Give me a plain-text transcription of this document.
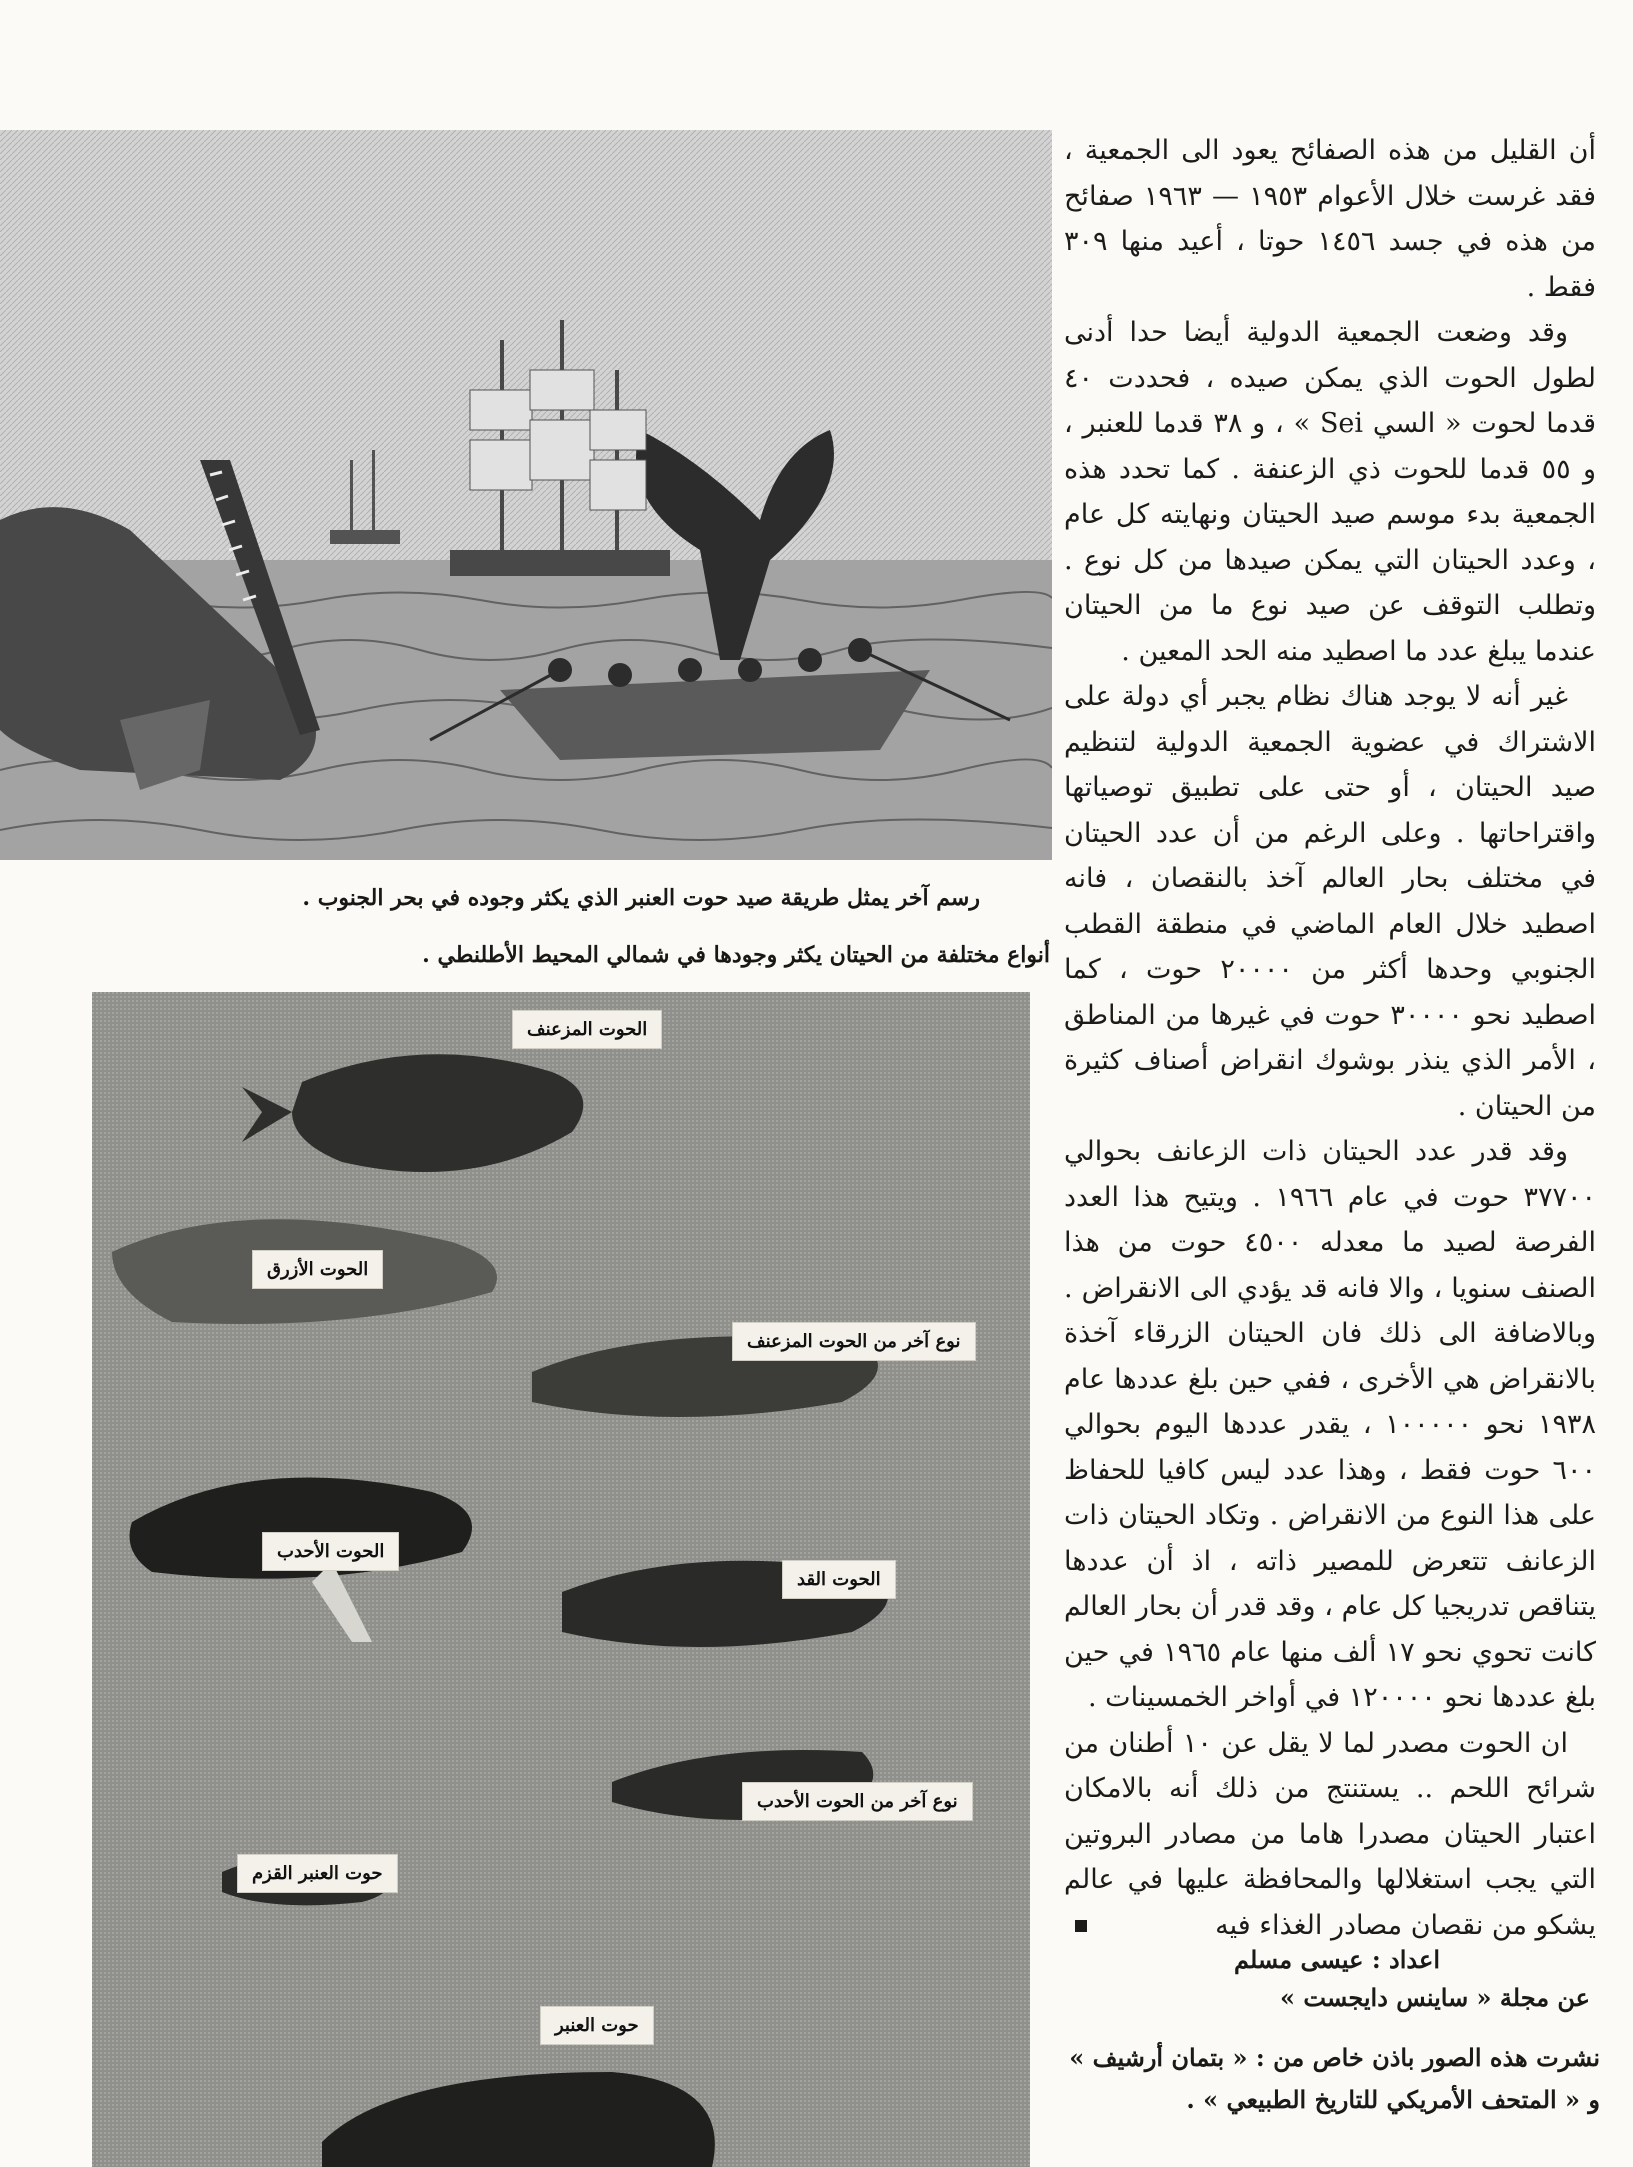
رسم آخر يمثل طريقة صيد حوت العنبر الذي يكثر وجوده في بحر الجنوب .
أنواع مختلفة من الحيتان يكثر وجودها في شمالي المحيط الأطلنطي .
الحوت المزعنف
الحوت الأزرق
نوع آخر من الحوت المزعنف
الحوت الأحدب
الحوت القد
نوع آخر من الحوت الأحدب
حوت العنبر القزم
حوت العنبر

أن القليل من هذه الصفائح يعود الى الجمعية ، فقد غرست خلال الأعوام ١٩٥٣ — ١٩٦٣ صفائح من هذه في جسد ١٤٥٦ حوتا ، أعيد منها ٣٠٩ فقط .

وقد وضعت الجمعية الدولية أيضا حدا أدنى لطول الحوت الذي يمكن صيده ، فحددت ٤٠ قدما لحوت « السي Sei » ، و ٣٨ قدما للعنبر ، و ٥٥ قدما للحوت ذي الزعنفة . كما تحدد هذه الجمعية بدء موسم صيد الحيتان ونهايته كل عام ، وعدد الحيتان التي يمكن صيدها من كل نوع . وتطلب التوقف عن صيد نوع ما من الحيتان عندما يبلغ عدد ما اصطيد منه الحد المعين .

غير أنه لا يوجد هناك نظام يجبر أي دولة على الاشتراك في عضوية الجمعية الدولية لتنظيم صيد الحيتان ، أو حتى على تطبيق توصياتها واقتراحاتها . وعلى الرغم من أن عدد الحيتان في مختلف بحار العالم آخذ بالنقصان ، فانه اصطيد خلال العام الماضي في منطقة القطب الجنوبي وحدها أكثر من ٢٠٠٠٠ حوت ، كما اصطيد نحو ٣٠٠٠٠ حوت في غيرها من المناطق ، الأمر الذي ينذر بوشوك انقراض أصناف كثيرة من الحيتان .

وقد قدر عدد الحيتان ذات الزعانف بحوالي ٣٧٧٠٠ حوت في عام ١٩٦٦ . ويتيح هذا العدد الفرصة لصيد ما معدله ٤٥٠٠ حوت من هذا الصنف سنويا ، والا فانه قد يؤدي الى الانقراض . وبالاضافة الى ذلك فان الحيتان الزرقاء آخذة بالانقراض هي الأخرى ، ففي حين بلغ عددها عام ١٩٣٨ نحو ١٠٠٠٠٠ ، يقدر عددها اليوم بحوالي ٦٠٠ حوت فقط ، وهذا عدد ليس كافيا للحفاظ على هذا النوع من الانقراض . وتكاد الحيتان ذات الزعانف تتعرض للمصير ذاته ، اذ أن عددها يتناقص تدريجيا كل عام ، وقد قدر أن بحار العالم كانت تحوي نحو ١٧ ألف منها عام ١٩٦٥ في حين بلغ عددها نحو ١٢٠٠٠٠ في أواخر الخمسينات .

ان الحوت مصدر لما لا يقل عن ١٠ أطنان من شرائح اللحم .. يستنتج من ذلك أنه بالامكان اعتبار الحيتان مصدرا هاما من مصادر البروتين التي يجب استغلالها والمحافظة عليها في عالم يشكو من نقصان مصادر الغذاء فيه

اعداد : عيسى مسلم
عن مجلة « ساينس دايجست »
نشرت هذه الصور باذن خاص من : « بتمان أرشيف »
و « المتحف الأمريكي للتاريخ الطبيعي » .
